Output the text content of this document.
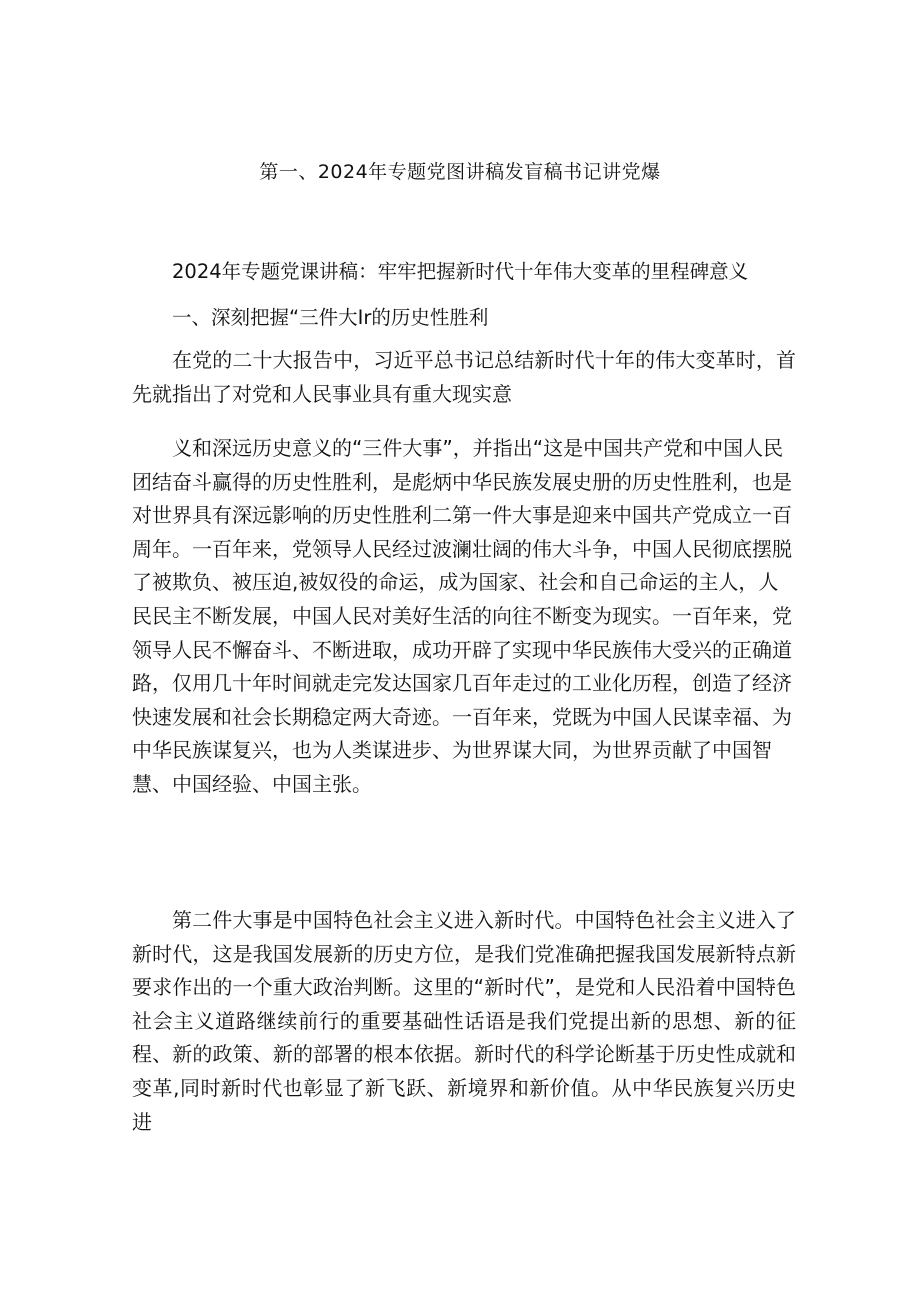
第一、2024年专题党图讲稿发盲稿书记讲党爆

2024年专题党课讲稿：牢牢把握新时代十年伟大变革的里程碑意义

一、深刻把握“三件大Ir的历史性胜利

在党的二十大报告中，习近平总书记总结新时代十年的伟大变革时，首先就指出了对党和人民事业具有重大现实意

义和深远历史意义的“三件大事”，并指出“这是中国共产党和中国人民团结奋斗赢得的历史性胜利，是彪炳中华民族发展史册的历史性胜利，也是对世界具有深远影响的历史性胜利二第一件大事是迎来中国共产党成立一百周年。一百年来，党领导人民经过波澜壮阔的伟大斗争，中国人民彻底摆脱了被欺负、被压迫,被奴役的命运，成为国家、社会和自己命运的主人，人民民主不断发展，中国人民对美好生活的向往不断变为现实。一百年来，党领导人民不懈奋斗、不断进取，成功开辟了实现中华民族伟大受兴的正确道路，仅用几十年时间就走完发达国家几百年走过的工业化历程，创造了经济快速发展和社会长期稳定两大奇迹。一百年来，党既为中国人民谋幸福、为中华民族谋复兴，也为人类谋进步、为世界谋大同，为世界贡献了中国智慧、中国经验、中国主张。

第二件大事是中国特色社会主义进入新时代。中国特色社会主义进入了新时代，这是我国发展新的历史方位，是我们党准确把握我国发展新特点新要求作出的一个重大政治判断。这里的“新时代”，是党和人民沿着中国特色社会主义道路继续前行的重要基础性话语是我们党提出新的思想、新的征程、新的政策、新的部署的根本依据。新时代的科学论断基于历史性成就和变革,同时新时代也彰显了新飞跃、新境界和新价值。从中华民族复兴历史进
